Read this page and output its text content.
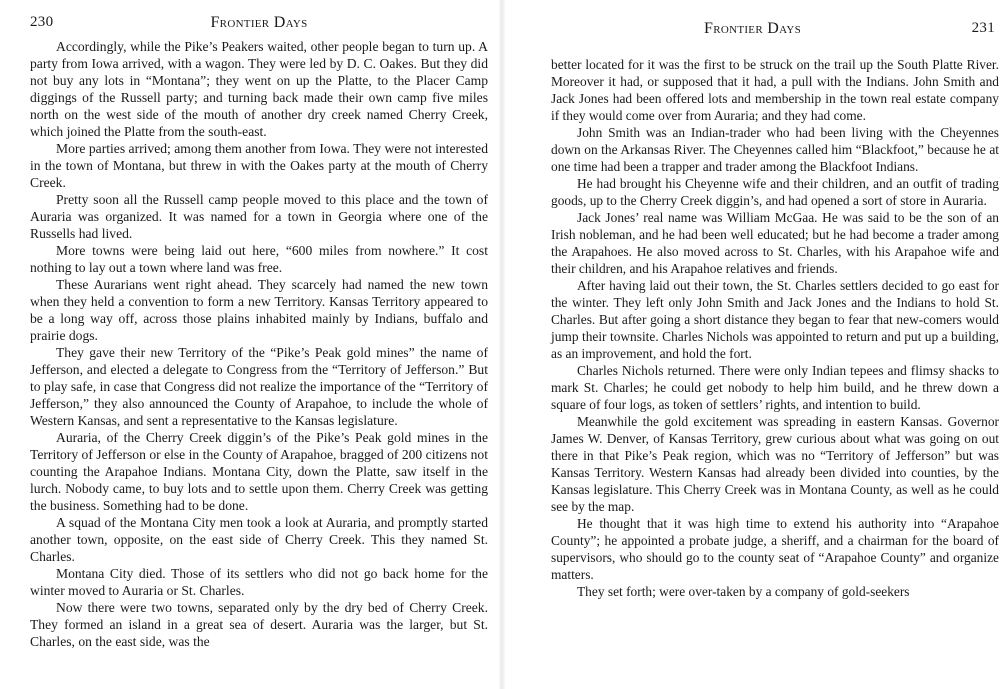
230	Frontier Days

Accordingly, while the Pike’s Peakers waited, other people began to turn up. A party from Iowa arrived, with a wagon. They were led by D. C. Oakes. But they did not buy any lots in “Montana”; they went on up the Platte, to the Placer Camp diggings of the Russell party; and turning back made their own camp five miles north on the west side of the mouth of another dry creek named Cherry Creek, which joined the Platte from the south-east.

More parties arrived; among them another from Iowa. They were not interested in the town of Montana, but threw in with the Oakes party at the mouth of Cherry Creek.

Pretty soon all the Russell camp people moved to this place and the town of Auraria was organized. It was named for a town in Georgia where one of the Russells had lived.

More towns were being laid out here, “600 miles from nowhere.” It cost nothing to lay out a town where land was free.

These Aurarians went right ahead. They scarcely had named the new town when they held a convention to form a new Territory. Kansas Territory appeared to be a long way off, across those plains inhabited mainly by Indians, buffalo and prairie dogs.

They gave their new Territory of the “Pike’s Peak gold mines” the name of Jefferson, and elected a delegate to Congress from the “Territory of Jefferson.” But to play safe, in case that Congress did not realize the importance of the “Territory of Jefferson,” they also announced the County of Arapahoe, to include the whole of Western Kansas, and sent a representative to the Kansas legislature.

Auraria, of the Cherry Creek diggin’s of the Pike’s Peak gold mines in the Territory of Jefferson or else in the County of Arapahoe, bragged of 200 citizens not counting the Arapahoe Indians. Montana City, down the Platte, saw itself in the lurch. Nobody came, to buy lots and to settle upon them. Cherry Creek was getting the business. Something had to be done.

A squad of the Montana City men took a look at Auraria, and promptly started another town, opposite, on the east side of Cherry Creek. This they named St. Charles.

Montana City died. Those of its settlers who did not go back home for the winter moved to Auraria or St. Charles.

Now there were two towns, separated only by the dry bed of Cherry Creek. They formed an island in a great sea of desert. Auraria was the larger, but St. Charles, on the east side, was the

Frontier Days	231

better located for it was the first to be struck on the trail up the South Platte River. Moreover it had, or supposed that it had, a pull with the Indians. John Smith and Jack Jones had been offered lots and membership in the town real estate company if they would come over from Auraria; and they had come.

John Smith was an Indian-trader who had been living with the Cheyennes down on the Arkansas River. The Cheyennes called him “Blackfoot,” because he at one time had been a trapper and trader among the Blackfoot Indians.

He had brought his Cheyenne wife and their children, and an outfit of trading goods, up to the Cherry Creek diggin’s, and had opened a sort of store in Auraria.

Jack Jones’ real name was William McGaa. He was said to be the son of an Irish nobleman, and he had been well educated; but he had become a trader among the Arapahoes. He also moved across to St. Charles, with his Arapahoe wife and their children, and his Arapahoe relatives and friends.

After having laid out their town, the St. Charles settlers decided to go east for the winter. They left only John Smith and Jack Jones and the Indians to hold St. Charles. But after going a short distance they began to fear that new-comers would jump their townsite. Charles Nichols was appointed to return and put up a building, as an improvement, and hold the fort.

Charles Nichols returned. There were only Indian tepees and flimsy shacks to mark St. Charles; he could get nobody to help him build, and he threw down a square of four logs, as token of settlers’ rights, and intention to build.

Meanwhile the gold excitement was spreading in eastern Kansas. Governor James W. Denver, of Kansas Territory, grew curious about what was going on out there in that Pike’s Peak region, which was no “Territory of Jefferson” but was Kansas Territory. Western Kansas had already been divided into counties, by the Kansas legislature. This Cherry Creek was in Montana County, as well as he could see by the map.

He thought that it was high time to extend his authority into “Arapahoe County”; he appointed a probate judge, a sheriff, and a chairman for the board of supervisors, who should go to the county seat of “Arapahoe County” and organize matters.

They set forth; were over-taken by a company of gold-seekers
